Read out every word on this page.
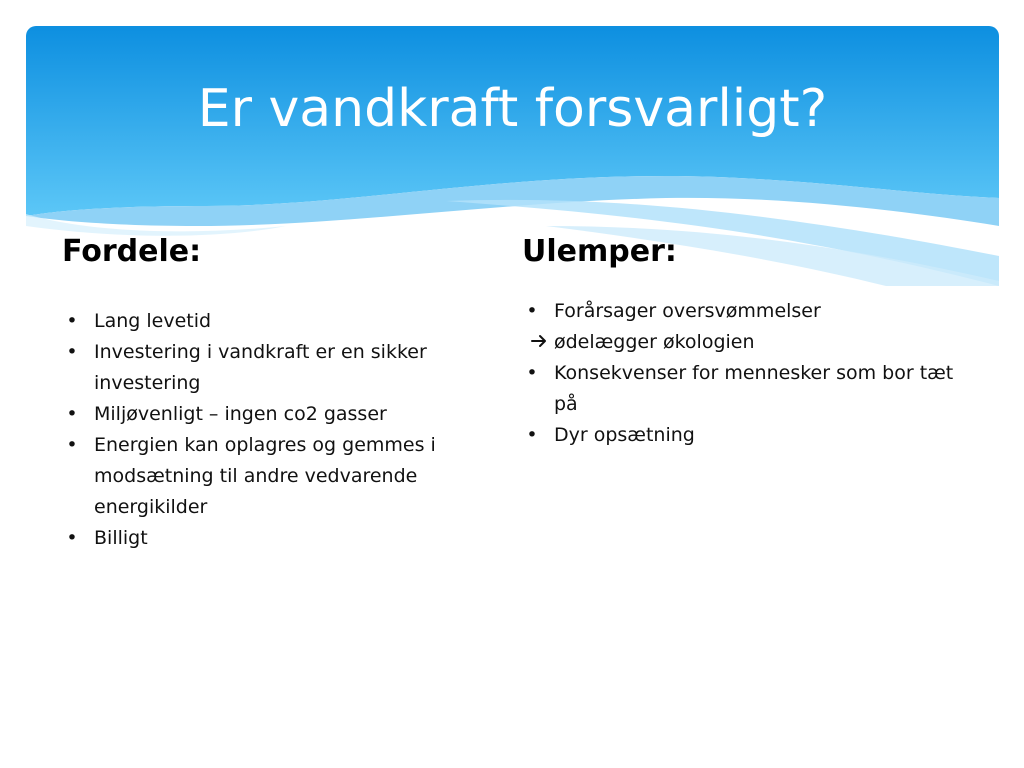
Er vandkraft forsvarligt?
Fordele:	Ulemper:
• Lang levetid
• Investering i vandkraft er en sikker investering
• Miljøvenligt – ingen co2 gasser
• Energien kan oplagres og gemmes i modsætning til andre vedvarende energikilder
• Billigt
• Forårsager oversvømmelser
ødelægger økologien
• Konsekvenser for mennesker som bor tæt på
• Dyr opsætning
